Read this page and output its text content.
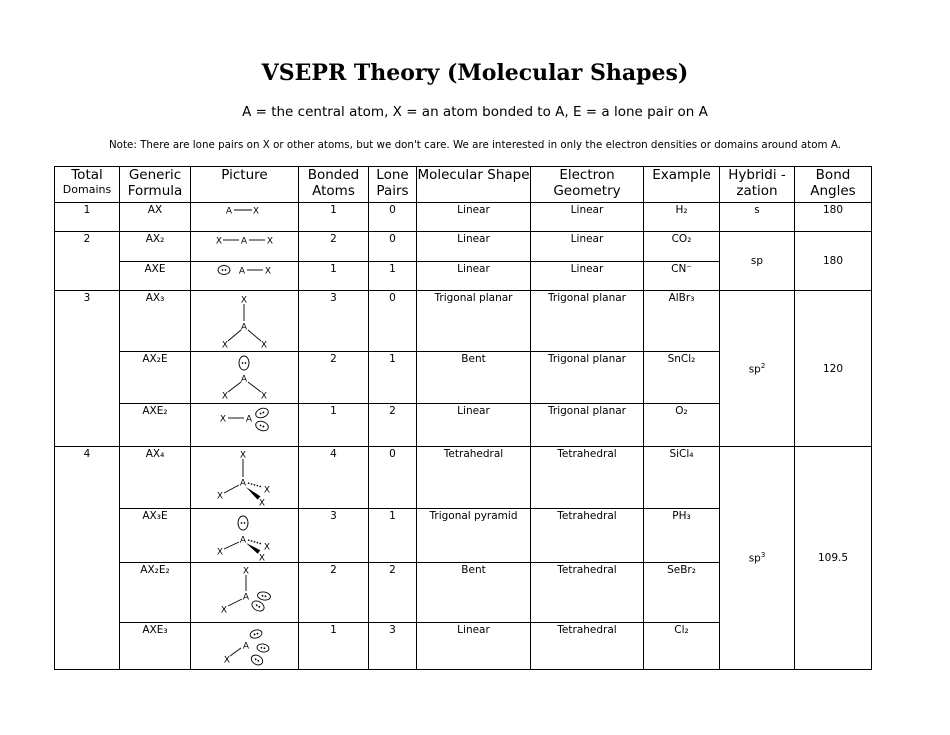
VSEPR Theory (Molecular Shapes)
A = the central atom, X = an atom bonded to A, E = a lone pair on A
Note: There are lone pairs on X or other atoms, but we don't care. We are interested in only the electron densities or domains around atom A.
Total
Domains	Generic Formula	Picture	Bonded Atoms	Lone Pairs	Molecular Shape	Electron Geometry	Example	Hybridi -zation	Bond Angles

1	AX	A X	1	0	Linear	Linear	H₂	s	180

2	AX₂	X A X	2	0	Linear	Linear	CO₂	sp	180

	AXE	A X	1	1	Linear	Linear	CN⁻		

3	AX₃	X
A
X X	3	0	Trigonal planar	Trigonal planar	AlBr₃	$sp^2$	120

	AX₂E	A
X X	2	1	Bent	Trigonal planar	SnCl₂		

	AXE₂	X A	1	2	Linear	Trigonal planar	O₂		

4	AX₄	X
A
X
X
X	4	0	Tetrahedral	Tetrahedral	SiCl₄	$sp^3$	109.5

	AX₃E	A
X X
X	3	1	Trigonal pyramid	Tetrahedral	PH₃		

	AX₂E₂	X
A
X	2	2	Bent	Tetrahedral	SeBr₂		

	AXE₃	A
X	1	3	Linear	Tetrahedral	Cl₂		
